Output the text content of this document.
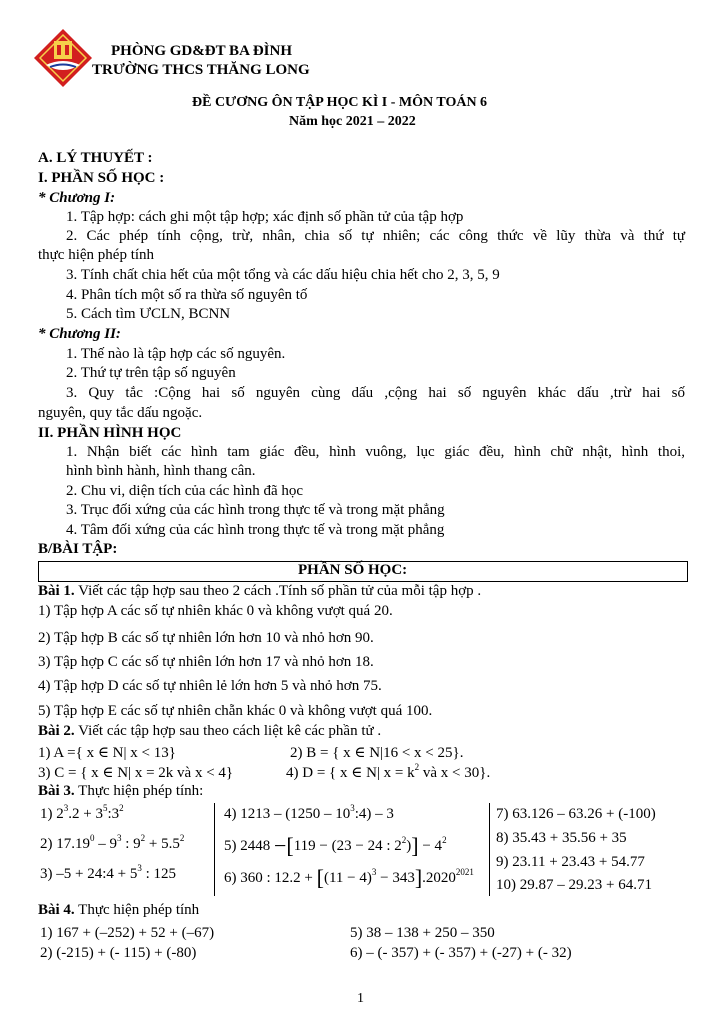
PHÒNG GD&ĐT BA ĐÌNH
TRƯỜNG THCS THĂNG LONG
ĐỀ CƯƠNG ÔN TẬP HỌC KÌ I - MÔN TOÁN 6
Năm học 2021 – 2022
A. LÝ THUYẾT :
I. PHẦN SỐ HỌC :
* Chương I:
1. Tập hợp: cách ghi một tập hợp; xác định số phần tử của tập hợp
2. Các phép tính cộng, trừ, nhân, chia số tự nhiên; các công thức về lũy thừa và thứ tự
thực hiện phép tính
3. Tính chất chia hết của một tổng và các dấu hiệu chia hết cho 2, 3, 5, 9
4. Phân tích một số ra thừa số nguyên tố
5. Cách tìm ƯCLN, BCNN
* Chương II:
1. Thế nào là tập hợp các số nguyên.
2. Thứ tự trên tập số nguyên
3. Quy tắc :Cộng hai số nguyên cùng dấu ,cộng hai số nguyên khác dấu ,trừ hai số
nguyên, quy tắc dấu ngoặc.
II. PHẦN HÌNH HỌC
1. Nhận biết các hình tam giác đều, hình vuông, lục giác đều, hình chữ nhật, hình thoi,
hình bình hành, hình thang cân.
2. Chu vi, diện tích của các hình đã học
3. Trục đối xứng của các hình trong thực tế và trong mặt phẳng
4. Tâm đối xứng của các hình trong thực tế và trong mặt phẳng
B/BÀI TẬP:
PHẦN SỐ HỌC:
Bài 1. Viết các tập hợp sau theo 2 cách .Tính số phần tử của mỗi tập hợp .
1) Tập hợp A các số tự nhiên khác 0 và không vượt quá 20.
2) Tập hợp B các số tự nhiên lớn hơn 10 và nhỏ hơn 90.
3) Tập hợp C các số tự nhiên lớn hơn 17 và nhỏ hơn 18.
4) Tập hợp D các số tự nhiên lẻ lớn hơn 5 và nhỏ hơn 75.
5) Tập hợp E các số tự nhiên chẵn khác 0 và không vượt quá 100.
Bài 2. Viết các tập hợp sau theo cách liệt kê các phần tử .
1) A ={ x ∈ N| x < 13}	2) B = { x ∈ N|16 < x < 25}.
3) C = { x ∈ N| x = 2k và x < 4}	4) D = { x ∈ N| $x = k^2$ và x < 30}.
Bài 3. Thực hiện phép tính:
1) $2^3.2$ + $3^5:3^2$
2) $17.19^0 - 9^3$ : $9^2 + 5.5^2$
3) –5 + 24:4 + $5^3$ : 125
4) $1213 - (1250 - 10^3:4) - 3$
5) 2448 −[119 − (23 − 24 : $2^2)] - 4^2$
6) 360 : $12.2 + [(11 - 4)^3 - 343].2020^{2021}$
7) 63.126 – 63.26 + (-100)
8) 35.43 + 35.56 + 35
9) 23.11 + 23.43 + 54.77
10) 29.87 – 29.23 + 64.71
Bài 4. Thực hiện phép tính
1) 167 + (–252) + 52 + (–67)
2) (-215) + (- 115) + (-80)
5) 38 – 138 + 250 – 350
6) – (- 357) + (- 357) + (-27) + (- 32)
1
